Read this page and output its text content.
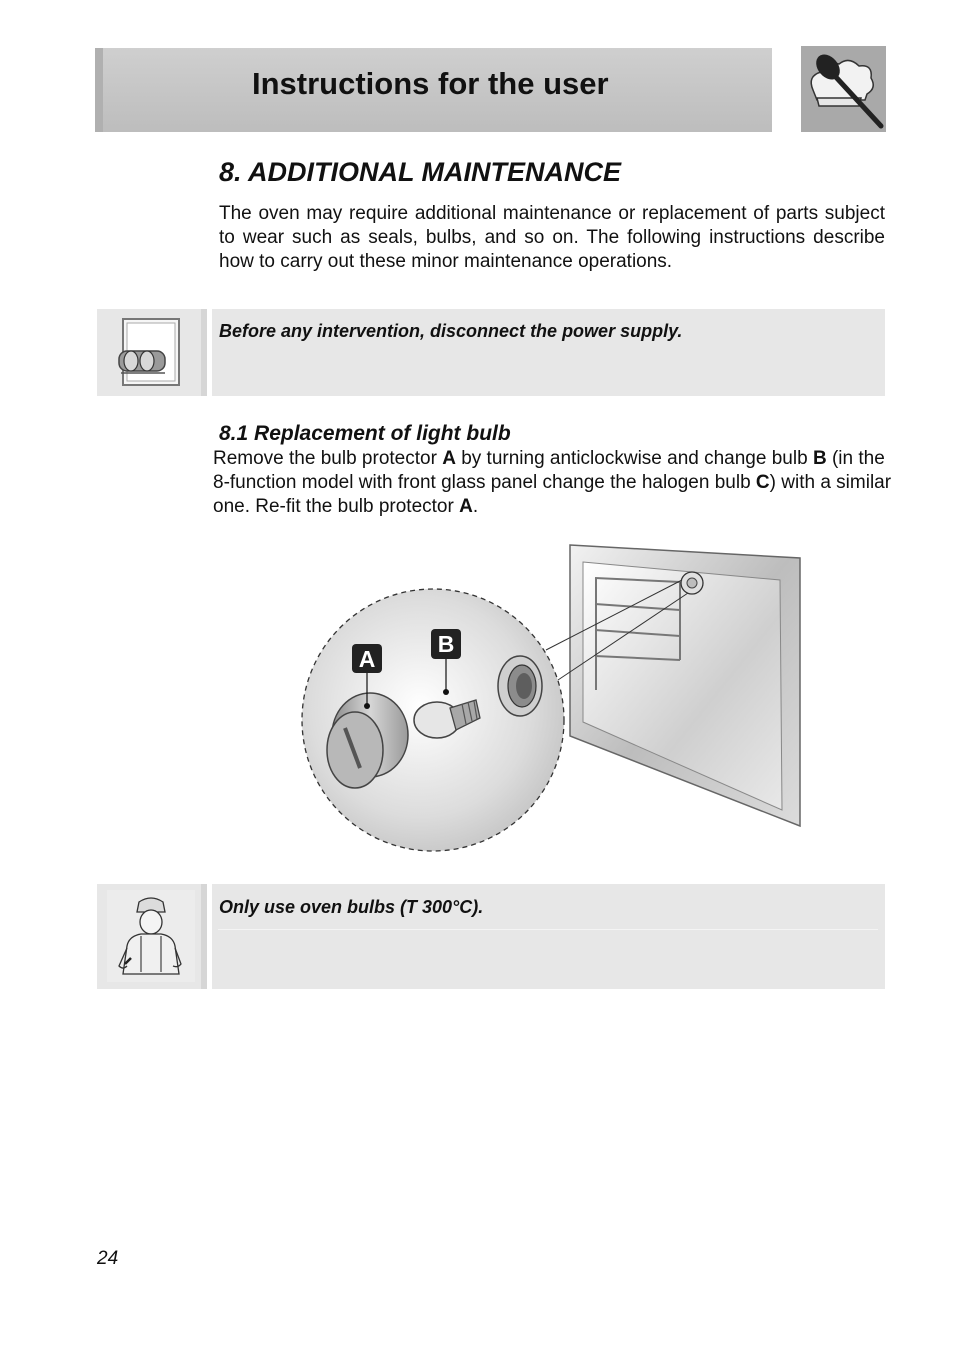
Instructions for the user
8. ADDITIONAL MAINTENANCE
The oven may require additional maintenance or replacement of parts subject to wear such as seals, bulbs, and so on. The following instructions describe how to carry out these minor maintenance operations.
Before any intervention, disconnect the power supply.
8.1 Replacement of light bulb
Remove the bulb protector A by turning anticlockwise and change bulb B (in the 8-function model with front glass panel change the halogen bulb C) with a similar one. Re-fit the bulb protector A.
A
B
Only use oven bulbs (T 300°C).
24
